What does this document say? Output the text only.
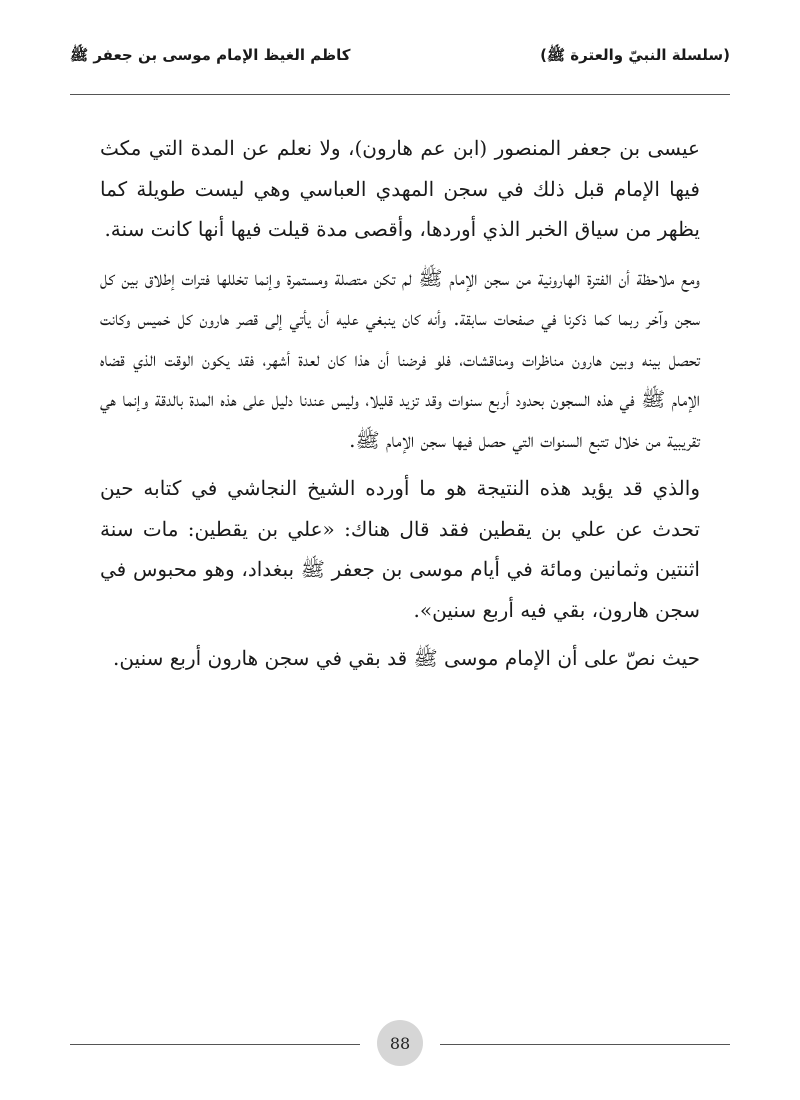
(سلسلة النبيّ والعترة ﷺ)
كاظم الغيظ الإمام موسى بن جعفر ﷺ

عيسى بن جعفر المنصور (ابن عم هارون)، ولا نعلم عن المدة التي مكث فيها الإمام قبل ذلك في سجن المهدي العباسي وهي ليست طويلة كما يظهر من سياق الخبر الذي أوردها، وأقصى مدة قيلت فيها أنها كانت سنة.

ومع ملاحظة أن الفترة الهارونية من سجن الإمام ﷺ لم تكن متصلة ومستمرة وإنما تخللها فترات إطلاق بين كل سجن وآخر ربما كما ذكرنا في صفحات سابقة. وأنه كان ينبغي عليه أن يأتي إلى قصر هارون كل خميس وكانت تحصل بينه وبين هارون مناظرات ومناقشات، فلو فرضنا أن هذا كان لعدة أشهر، فقد يكون الوقت الذي قضاه الإمام ﷺ في هذه السجون بحدود أربع سنوات وقد تزيد قليلا، وليس عندنا دليل على هذه المدة بالدقة وإنما هي تقريبية من خلال تتبع السنوات التي حصل فيها سجن الإمام ﷺ.

والذي قد يؤيد هذه النتيجة هو ما أورده الشيخ النجاشي في كتابه حين تحدث عن علي بن يقطين فقد قال هناك: «علي بن يقطين: مات سنة اثنتين وثمانين ومائة في أيام موسى بن جعفر ﷺ ببغداد، وهو محبوس في سجن هارون، بقي فيه أربع سنين».

حيث نصّ على أن الإمام موسى ﷺ قد بقي في سجن هارون أربع سنين.

88
